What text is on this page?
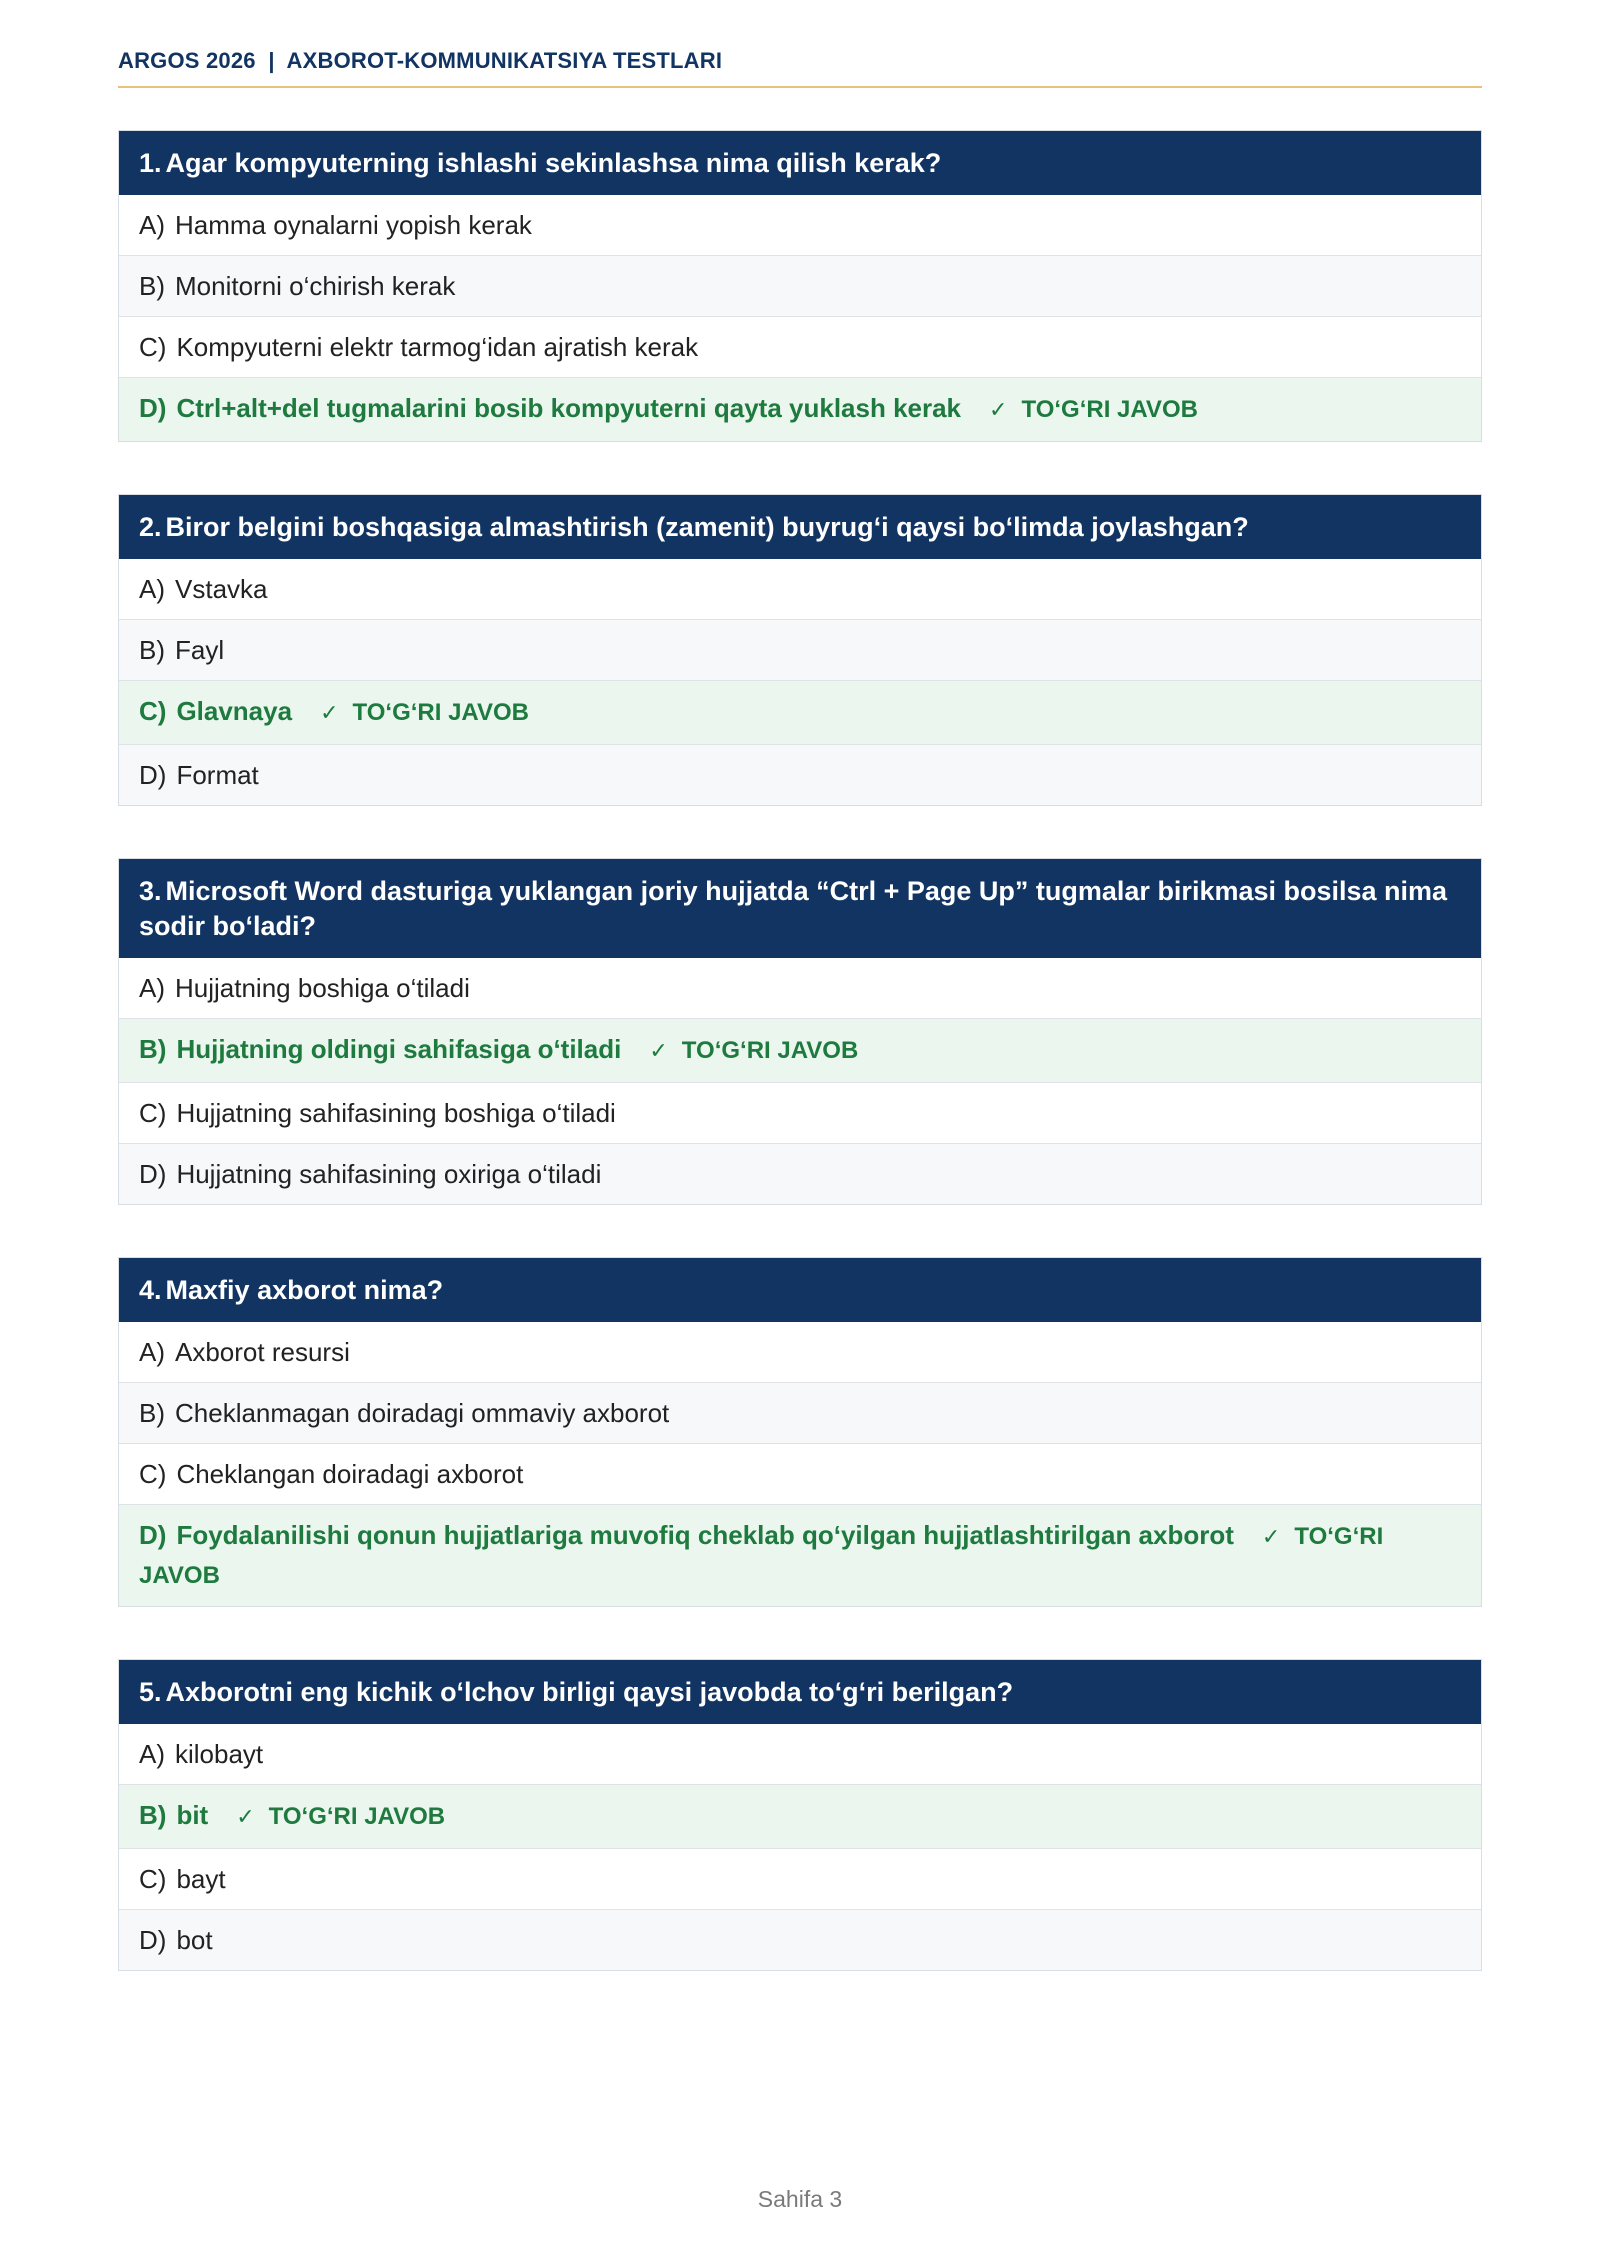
ARGOS 2026 | AXBOROT-KOMMUNIKATSIYA TESTLARI
1. Agar kompyuterning ishlashi sekinlashsa nima qilish kerak?
A) Hamma oynalarni yopish kerak
B) Monitorni o‘chirish kerak
C) Kompyuterni elektr tarmog‘idan ajratish kerak
D) Ctrl+alt+del tugmalarini bosib kompyuterni qayta yuklash kerak ✓ TO‘G‘RI JAVOB
2. Biror belgini boshqasiga almashtirish (zamenit) buyrug‘i qaysi bo‘limda joylashgan?
A) Vstavka
B) Fayl
C) Glavnaya ✓ TO‘G‘RI JAVOB
D) Format
3. Microsoft Word dasturiga yuklangan joriy hujjatda “Ctrl + Page Up” tugmalar birikmasi bosilsa nima sodir bo‘ladi?
A) Hujjatning boshiga o‘tiladi
B) Hujjatning oldingi sahifasiga o‘tiladi ✓ TO‘G‘RI JAVOB
C) Hujjatning sahifasining boshiga o‘tiladi
D) Hujjatning sahifasining oxiriga o‘tiladi
4. Maxfiy axborot nima?
A) Axborot resursi
B) Cheklanmagan doiradagi ommaviy axborot
C) Cheklangan doiradagi axborot
D) Foydalanilishi qonun hujjatlariga muvofiq cheklab qo‘yilgan hujjatlashtirilgan axborot ✓ TO‘G‘RI JAVOB
5. Axborotni eng kichik o‘lchov birligi qaysi javobda to‘g‘ri berilgan?
A) kilobayt
B) bit ✓ TO‘G‘RI JAVOB
C) bayt
D) bot
Sahifa 3
